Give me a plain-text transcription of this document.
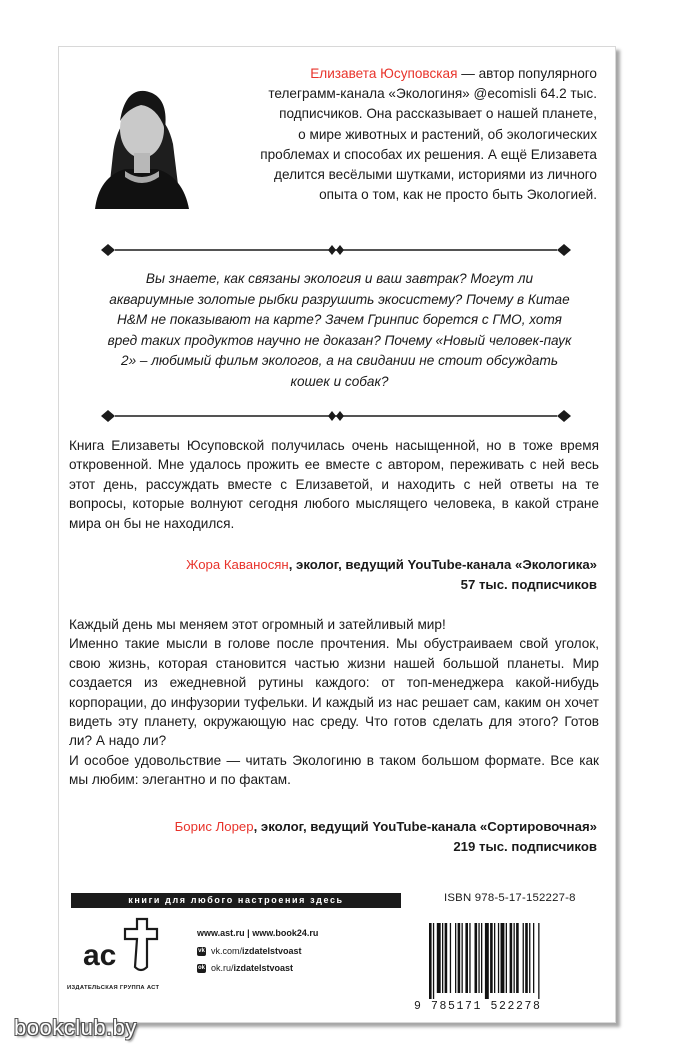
Елизавета Юсуповская — автор популярного
телеграмм-канала «Экологиня» @ecomisli 64.2 тыс.
подписчиков. Она рассказывает о нашей планете,
о мире животных и растений, об экологических
проблемах и способах их решения. А ещё Елизавета
делится весёлыми шутками, историями из личного
опыта о том, как не просто быть Экологией.
Вы знаете, как связаны экология и ваш завтрак? Могут ли
аквариумные золотые рыбки разрушить экосистему? Почему в Китае
H&M не показывают на карте? Зачем Гринпис борется с ГМО, хотя
вред таких продуктов научно не доказан? Почему «Новый человек-паук
2» – любимый фильм экологов, а на свидании не стоит обсуждать
кошек и собак?

Книга Елизаветы Юсуповской получилась очень насыщенной, но в тоже время откровенной. Мне удалось прожить ее вместе с автором, переживать с ней весь этот день, рассуждать вместе с Елизаветой, и находить с ней ответы на те вопросы, которые волнуют сегодня любого мыслящего человека, в какой стране мира он бы не находился.

Жора Каваносян, эколог, ведущий YouTube-канала «Экологика»
57 тыс. подписчиков

Каждый день мы меняем этот огромный и затейливый мир!

Именно такие мысли в голове после прочтения. Мы обустраиваем свой уголок, свою жизнь, которая становится частью жизни нашей большой планеты. Мир создается из ежедневной рутины каждого: от топ-менеджера какой-нибудь корпорации, до инфузории туфельки. И каждый из нас решает сам, каким он хочет видеть эту планету, окружающую нас среду. Что готов сделать для этого? Готов ли? А надо ли?

И особое удовольствие — читать Экологиню в таком большом формате. Все как мы любим: элегантно и по фактам.

Борис Лорер, эколог, ведущий YouTube-канала «Сортировочная»
219 тыс. подписчиков
книги для любого настроения здесь	ISBN 978-5-17-152227-8
ac
ИЗДАТЕЛЬСКАЯ ГРУППА АСТ
www.ast.ru | www.book24.ru
vk vk.com/izdatelstvoast
ok ok.ru/izdatelstvoast
9 785171 522278
bookclub.by
